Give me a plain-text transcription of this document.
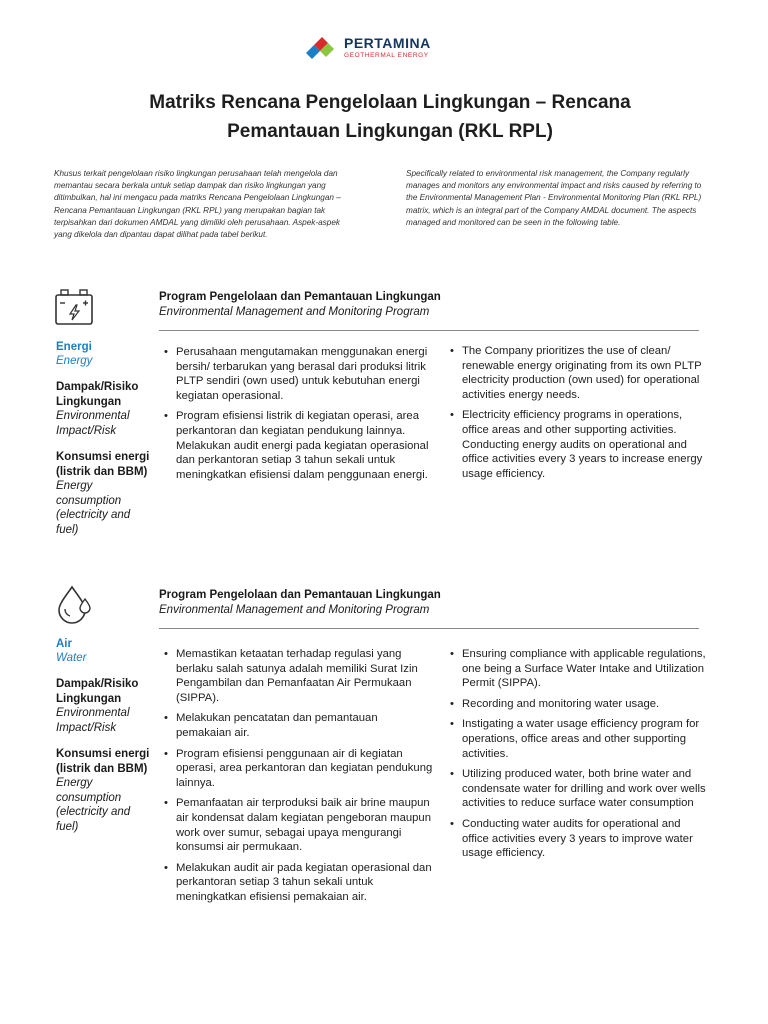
PERTAMINA
GEOTHERMAL ENERGY
Matriks Rencana Pengelolaan Lingkungan – Rencana
Pemantauan Lingkungan (RKL RPL)

Khusus terkait pengelolaan risiko lingkungan perusahaan telah mengelola dan memantau secara berkala untuk setiap dampak dan risiko lingkungan yang ditimbulkan, hal ini mengacu pada matriks Rencana Pengelolaan Lingkungan – Rencana Pemantauan Lingkungan (RKL RPL) yang merupakan bagian tak terpisahkan dari dokumen AMDAL yang dimiliki oleh perusahaan. Aspek-aspek yang dikelola dan dipantau dapat dilihat pada tabel berikut.

Specifically related to environmental risk management, the Company regularly manages and monitors any environmental impact and risks caused by referring to the Environmental Management Plan - Environmental Monitoring Plan (RKL RPL) matrix, which is an integral part of the Company AMDAL document. The aspects managed and monitored can be seen in the following table.

Energi
Energy
Dampak/Risiko Lingkungan
Environmental Impact/Risk
Konsumsi energi (listrik dan BBM)
Energy consumption (electricity and fuel)
Program Pengelolaan dan Pemantauan Lingkungan
Environmental Management and Monitoring Program
• Perusahaan mengutamakan menggunakan energi bersih/ terbarukan yang berasal dari produksi litrik PLTP sendiri (own used) untuk kebutuhan energi kegiatan operasional.
• Program efisiensi listrik di kegiatan operasi, area perkantoran dan kegiatan pendukung lainnya. Melakukan audit energi pada kegiatan operasional dan perkantoran setiap 3 tahun sekali untuk meningkatkan efisiensi dalam penggunaan energi.
• The Company prioritizes the use of clean/ renewable energy originating from its own PLTP electricity production (own used) for operational activities energy needs.
• Electricity efficiency programs in operations, office areas and other supporting activities. Conducting energy audits on operational and office activities every 3 years to increase energy usage efficiency.
Air
Water
Dampak/Risiko Lingkungan
Environmental Impact/Risk
Konsumsi energi (listrik dan BBM)
Energy consumption (electricity and fuel)
Program Pengelolaan dan Pemantauan Lingkungan
Environmental Management and Monitoring Program
• Memastikan ketaatan terhadap regulasi yang berlaku salah satunya adalah memiliki Surat Izin Pengambilan dan Pemanfaatan Air Permukaan (SIPPA).
• Melakukan pencatatan dan pemantauan pemakaian air.
• Program efisiensi penggunaan air di kegiatan operasi, area perkantoran dan kegiatan pendukung lainnya.
• Pemanfaatan air terproduksi baik air brine maupun air kondensat dalam kegiatan pengeboran maupun work over sumur, sebagai upaya mengurangi konsumsi air permukaan.
• Melakukan audit air pada kegiatan operasional dan perkantoran setiap 3 tahun sekali untuk meningkatkan efisiensi pemakaian air.
• Ensuring compliance with applicable regulations, one being a Surface Water Intake and Utilization Permit (SIPPA).
• Recording and monitoring water usage.
• Instigating a water usage efficiency program for operations, office areas and other supporting activities.
• Utilizing produced water, both brine water and condensate water for drilling and work over wells activities to reduce surface water consumption
• Conducting water audits for operational and office activities every 3 years to improve water usage efficiency.
